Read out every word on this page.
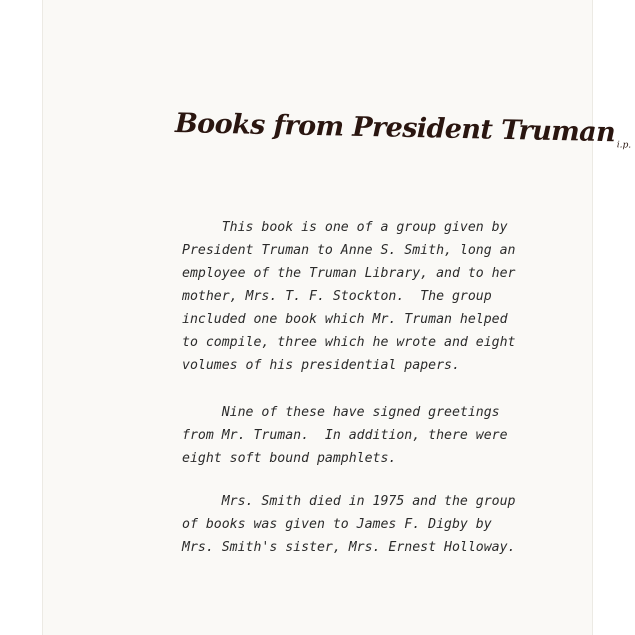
Books from President Truman$_{i.p.}$
This book is one of a group given by
President Truman to Anne S. Smith, long an
employee of the Truman Library, and to her
mother, Mrs. T. F. Stockton.  The group
included one book which Mr. Truman helped
to compile, three which he wrote and eight
volumes of his presidential papers.
Nine of these have signed greetings
from Mr. Truman.  In addition, there were
eight soft bound pamphlets.
Mrs. Smith died in 1975 and the group
of books was given to James F. Digby by
Mrs. Smith's sister, Mrs. Ernest Holloway.
